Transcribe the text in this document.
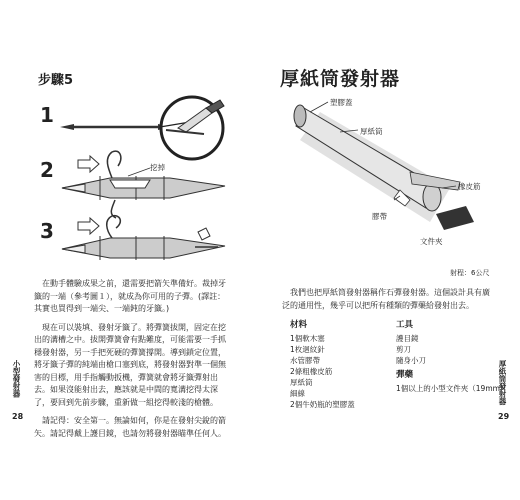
步驟5
1
2
3
挖掉

在動手體驗成果之前，還需要把箭矢準備好。裁掉牙籤的一端（參考圖１），就成為你可用的子彈。(譯註：其實也買得到一端尖、一端鈍的牙籤。)

現在可以裝填、發射牙籤了。將彈簧拔開，固定在挖出的溝槽之中。拔開彈簧會有點難度，可能需要一手抓穩發射器，另一手把死硬的彈簧撐開。導到鎖定位置，將牙籤子彈的純端由槍口塞到底，將發射器對準一個無害的目標，用手指觸動扳機，彈簧就會將牙籤彈射出去。如果沒能射出去，應該就是中間的寬溝挖得太深了，要回到先前步驟，重新做一組挖得較淺的槍體。

請記得：安全第一。無論如何，你是在發射尖銳的箭矢。請記得戴上護目鏡，也請勿將發射器瞄準任何人。

小型發射器
28
厚紙筒發射器
塑膠蓋
厚紙筒
橡皮筋
膠帶
文件夾
射程：6公尺
我們也把厚紙筒發射器稱作石彈發射器。這個設計具有廣泛的通用性，幾乎可以把所有種類的彈藥給發射出去。
材料
1個軟木塞
1枚迴紋針
水管膠帶
2條粗橡皮筋
厚紙筒
細線
2個牛奶瓶的塑膠蓋
工具
護目鏡
剪刀
隨身小刀
彈藥
1個以上的小型文件夾（19mm）
厚紙筒發射器
29
